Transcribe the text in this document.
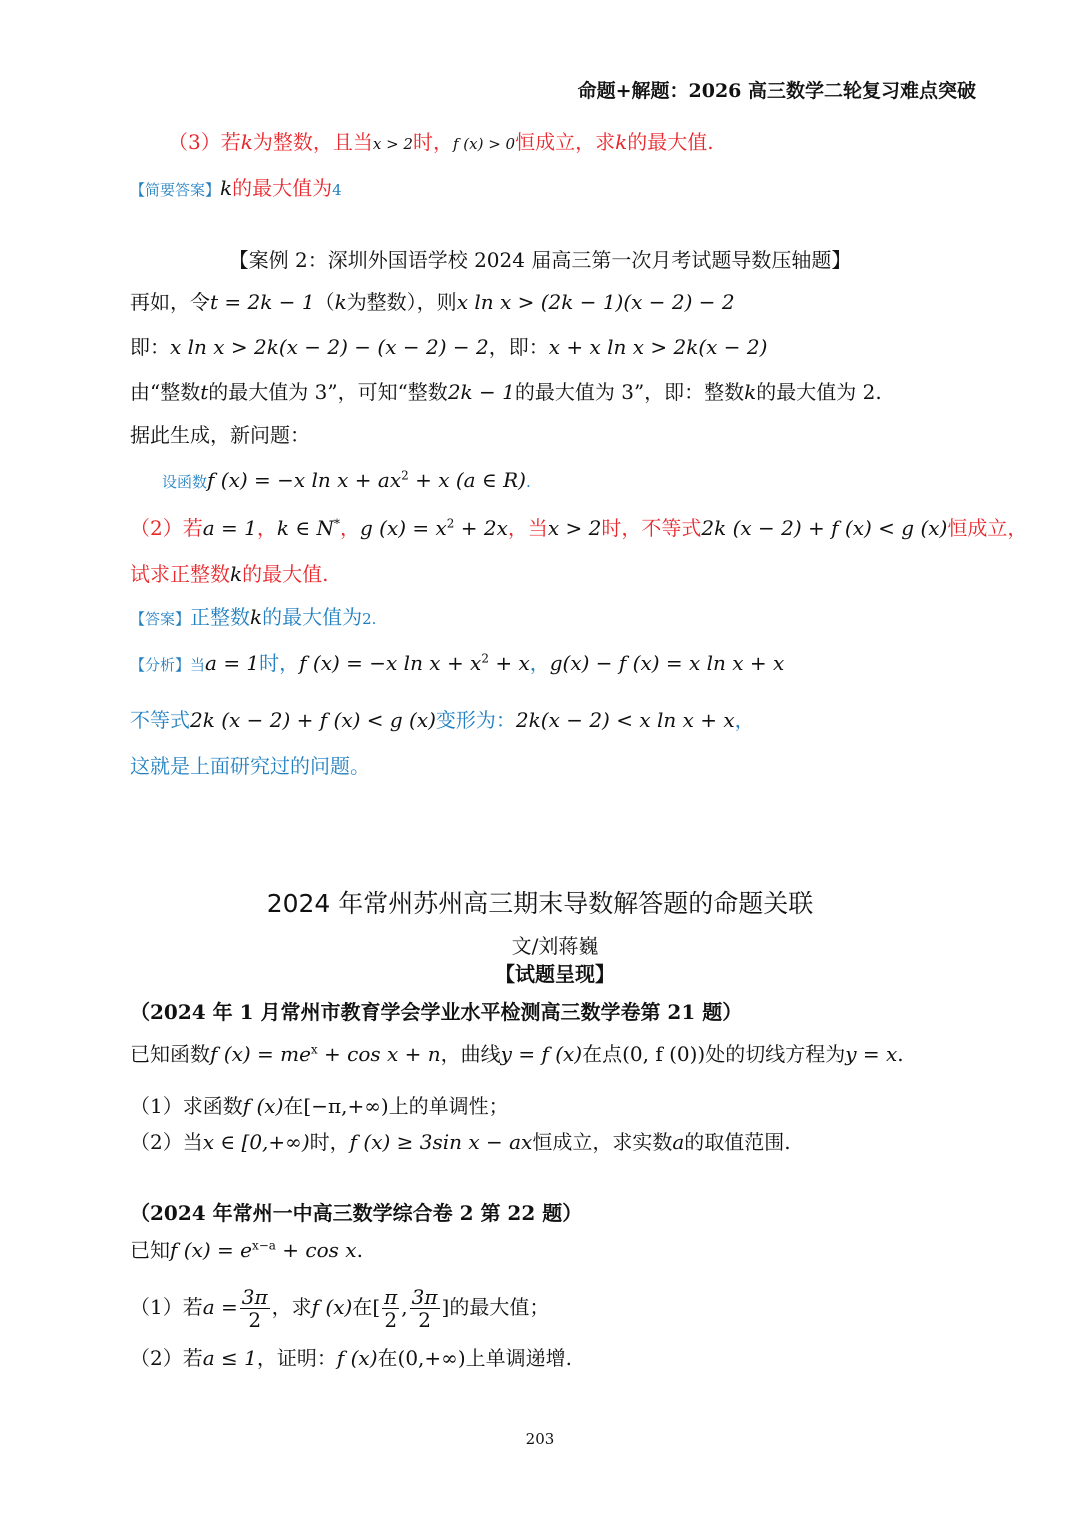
命题+解题：2026 高三数学二轮复习难点突破
（3）若k为整数，且当x > 2时，f (x) > 0恒成立，求k的最大值.
【简要答案】k的最大值为4
【案例 2：深圳外国语学校 2024 届高三第一次月考试题导数压轴题】
再如，令t = 2k − 1（k为整数），则x ln x > (2k − 1)(x − 2) − 2
即：x ln x > 2k(x − 2) − (x − 2) − 2，即：x + x ln x > 2k(x − 2)
由“整数t的最大值为 3”，可知“整数2k − 1的最大值为 3”，即：整数k的最大值为 2.
据此生成，新问题：
设函数f (x) = −x $\ln x + ax^2 + x$ (a ∈ R).
（2）若a = 1，k ∈ N*，g $(x) = x^2 + 2x$，当x > 2时，不等式2k (x − 2) + f (x) < g (x)恒成立，
试求正整数k的最大值.
【答案】正整数k的最大值为2.
【分析】当a = 1时，f (x) = −x $\ln x + x^2 + x$，g(x) − f (x) = x ln x + x
不等式2k (x − 2) + f (x) < g (x)变形为：2k(x − 2) < x ln x + x，
这就是上面研究过的问题。
2024 年常州苏州高三期末导数解答题的命题关联
文/刘蒋巍
【试题呈现】
（2024 年 1 月常州市教育学会学业水平检测高三数学卷第 21 题）
已知函数f $(x) = me^x + \cos x + n$，曲线y = f (x)在点(0, f (0))处的切线方程为y = x.
（1）求函数f (x)在[−π,+∞)上的单调性；
（2）当x ∈ [0,+∞)时，f (x) ≥ 3sin x − ax恒成立，求实数a的取值范围.
（2024 年常州一中高三数学综合卷 2 第 22 题）
已知f $(x) = e^{x-a} + \cos x$.
（1）若$a = \frac{3\pi}{2}$ ，求f (x)在[ $\frac{\pi}{2}$ , $\frac{3\pi}{2}$ ]的最大值；
（2）若a ≤ 1，证明：f (x)在(0,+∞)上单调递增.
203
